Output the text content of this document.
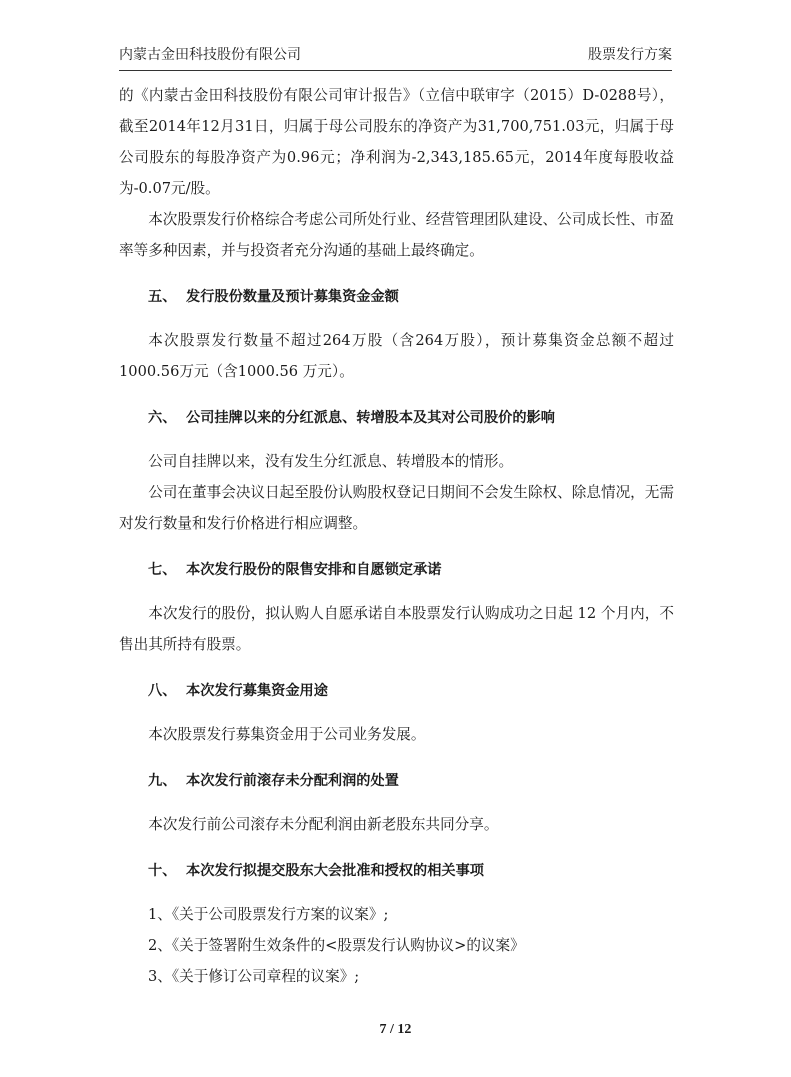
内蒙古金田科技股份有限公司	股票发行方案

的《内蒙古金田科技股份有限公司审计报告》（立信中联审字（2015）D-0288号），截至2014年12月31日，归属于母公司股东的净资产为31,700,751.03元，归属于母公司股东的每股净资产为0.96元；净利润为-2,343,185.65元，2014年度每股收益为-0.07元/股。

本次股票发行价格综合考虑公司所处行业、经营管理团队建设、公司成长性、市盈率等多种因素，并与投资者充分沟通的基础上最终确定。

五、 发行股份数量及预计募集资金金额

本次股票发行数量不超过264万股（含264万股），预计募集资金总额不超过1000.56万元（含1000.56 万元）。

六、 公司挂牌以来的分红派息、转增股本及其对公司股价的影响

公司自挂牌以来，没有发生分红派息、转增股本的情形。

公司在董事会决议日起至股份认购股权登记日期间不会发生除权、除息情况，无需对发行数量和发行价格进行相应调整。

七、 本次发行股份的限售安排和自愿锁定承诺

本次发行的股份，拟认购人自愿承诺自本股票发行认购成功之日起 12 个月内，不售出其所持有股票。

八、 本次发行募集资金用途

本次股票发行募集资金用于公司业务发展。

九、 本次发行前滚存未分配利润的处置

本次发行前公司滚存未分配利润由新老股东共同分享。

十、 本次发行拟提交股东大会批准和授权的相关事项

1、《关于公司股票发行方案的议案》;

2、《关于签署附生效条件的<股票发行认购协议>的议案》

3、《关于修订公司章程的议案》;

7 / 12
